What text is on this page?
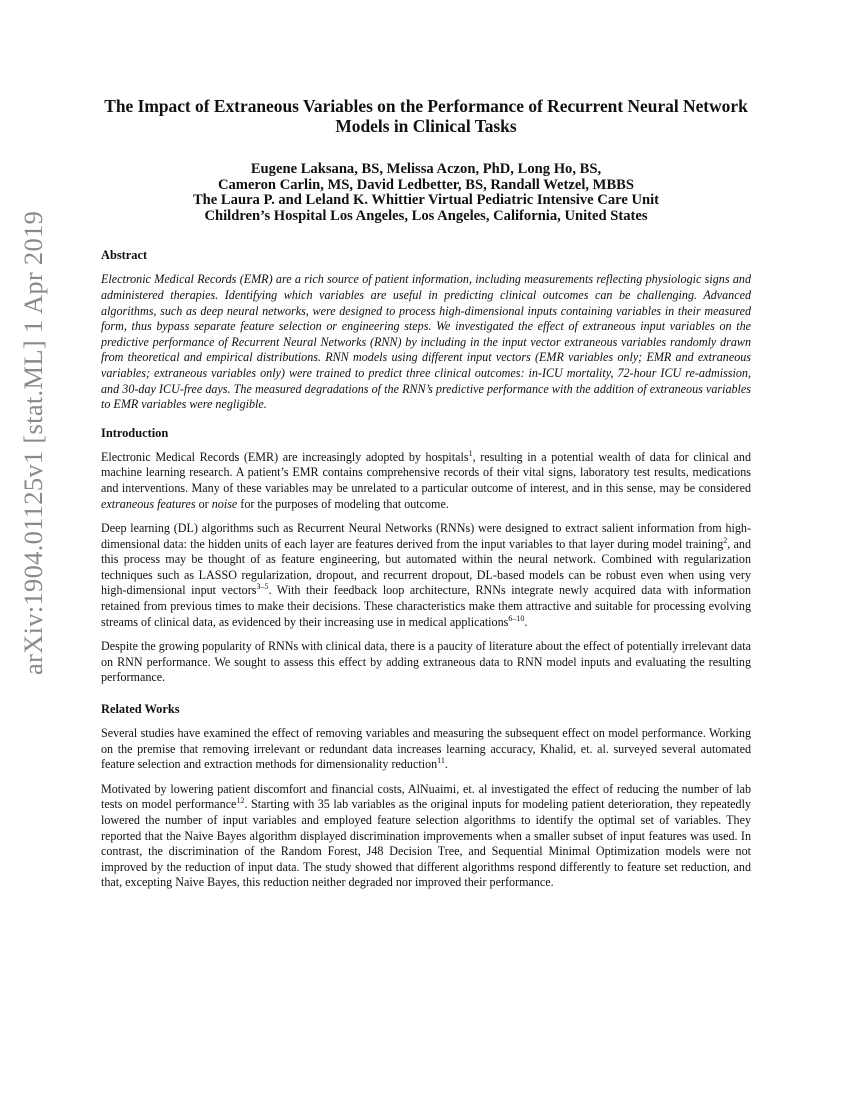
arXiv:1904.01125v1 [stat.ML] 1 Apr 2019
The Impact of Extraneous Variables on the Performance of Recurrent Neural Network Models in Clinical Tasks
Eugene Laksana, BS, Melissa Aczon, PhD, Long Ho, BS,
Cameron Carlin, MS, David Ledbetter, BS, Randall Wetzel, MBBS
The Laura P. and Leland K. Whittier Virtual Pediatric Intensive Care Unit
Children’s Hospital Los Angeles, Los Angeles, California, United States
Abstract

Electronic Medical Records (EMR) are a rich source of patient information, including measurements reflecting physiologic signs and administered therapies. Identifying which variables are useful in predicting clinical outcomes can be challenging. Advanced algorithms, such as deep neural networks, were designed to process high-dimensional inputs containing variables in their measured form, thus bypass separate feature selection or engineering steps. We investigated the effect of extraneous input variables on the predictive performance of Recurrent Neural Networks (RNN) by including in the input vector extraneous variables randomly drawn from theoretical and empirical distributions. RNN models using different input vectors (EMR variables only; EMR and extraneous variables; extraneous variables only) were trained to predict three clinical outcomes: in-ICU mortality, 72-hour ICU re-admission, and 30-day ICU-free days. The measured degradations of the RNN’s predictive performance with the addition of extraneous variables to EMR variables were negligible.

Introduction

Electronic Medical Records (EMR) are increasingly adopted by hospitals$^1$, resulting in a potential wealth of data for clinical and machine learning research. A patient’s EMR contains comprehensive records of their vital signs, laboratory test results, medications and interventions. Many of these variables may be unrelated to a particular outcome of interest, and in this sense, may be considered extraneous features or noise for the purposes of modeling that outcome.

Deep learning (DL) algorithms such as Recurrent Neural Networks (RNNs) were designed to extract salient information from high-dimensional data: the hidden units of each layer are features derived from the input variables to that layer during model training$^2$, and this process may be thought of as feature engineering, but automated within the neural network. Combined with regularization techniques such as LASSO regularization, dropout, and recurrent dropout, DL-based models can be robust even when using very high-dimensional input vectors$^{3-5}$. With their feedback loop architecture, RNNs integrate newly acquired data with information retained from previous times to make their decisions. These characteristics make them attractive and suitable for processing evolving streams of clinical data, as evidenced by their increasing use in medical applications$^{6-10}$.

Despite the growing popularity of RNNs with clinical data, there is a paucity of literature about the effect of potentially irrelevant data on RNN performance. We sought to assess this effect by adding extraneous data to RNN model inputs and evaluating the resulting performance.

Related Works

Several studies have examined the effect of removing variables and measuring the subsequent effect on model performance. Working on the premise that removing irrelevant or redundant data increases learning accuracy, Khalid, et. al. surveyed several automated feature selection and extraction methods for dimensionality reduction$^{11}$.

Motivated by lowering patient discomfort and financial costs, AlNuaimi, et. al investigated the effect of reducing the number of lab tests on model performance$^{12}$. Starting with 35 lab variables as the original inputs for modeling patient deterioration, they repeatedly lowered the number of input variables and employed feature selection algorithms to identify the optimal set of variables. They reported that the Naive Bayes algorithm displayed discrimination improvements when a smaller subset of input features was used. In contrast, the discrimination of the Random Forest, J48 Decision Tree, and Sequential Minimal Optimization models were not improved by the reduction of input data. The study showed that different algorithms respond differently to feature set reduction, and that, excepting Naive Bayes, this reduction neither degraded nor improved their performance.
